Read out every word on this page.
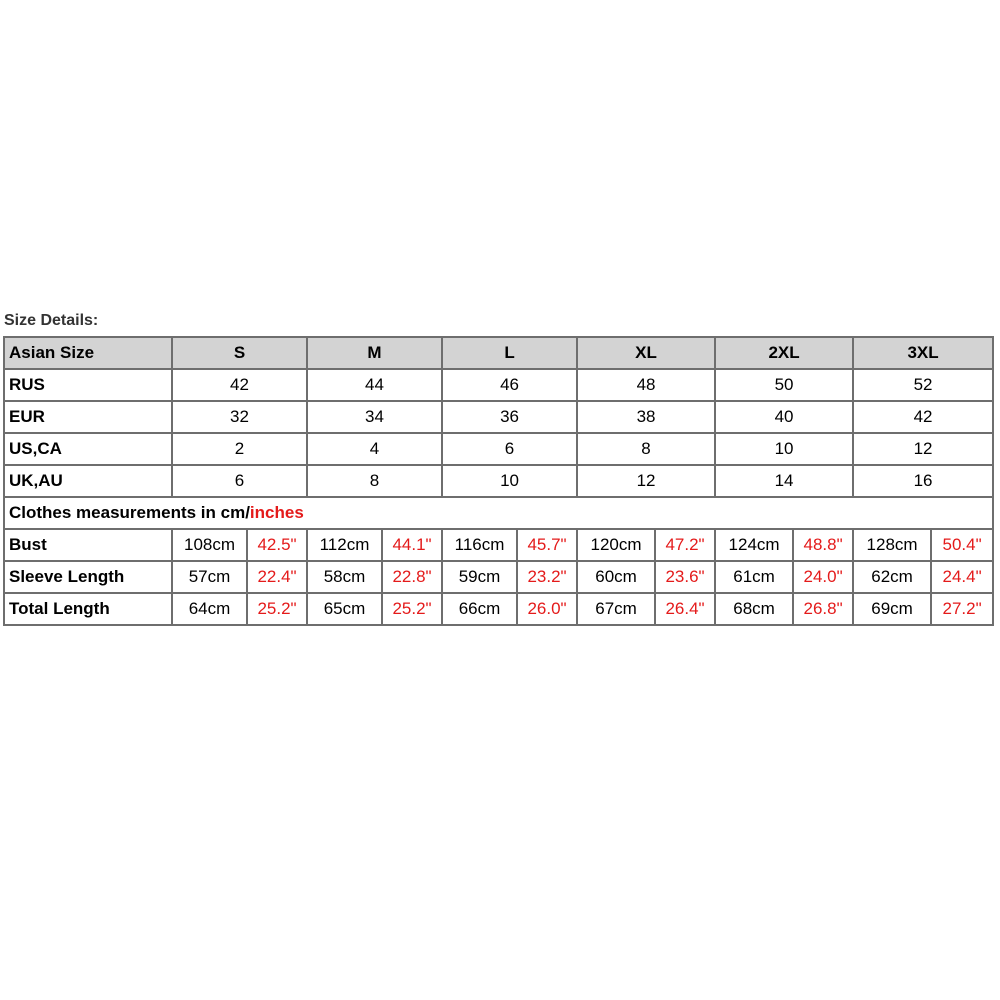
Size Details:
Asian Size	S		M		L		XL		2XL		3XL	
RUS	42		44		46		48		50		52	
EUR	32		34		36		38		40		42	
US,CA	2		4		6		8		10		12	
UK,AU	6		8		10		12		14		16	
Clothes measurements in cm/inches												
Bust	108cm	42.5"	112cm	44.1"	116cm	45.7"	120cm	47.2"	124cm	48.8"	128cm	50.4"
Sleeve Length	57cm	22.4"	58cm	22.8"	59cm	23.2"	60cm	23.6"	61cm	24.0"	62cm	24.4"
Total Length	64cm	25.2"	65cm	25.2"	66cm	26.0"	67cm	26.4"	68cm	26.8"	69cm	27.2"
